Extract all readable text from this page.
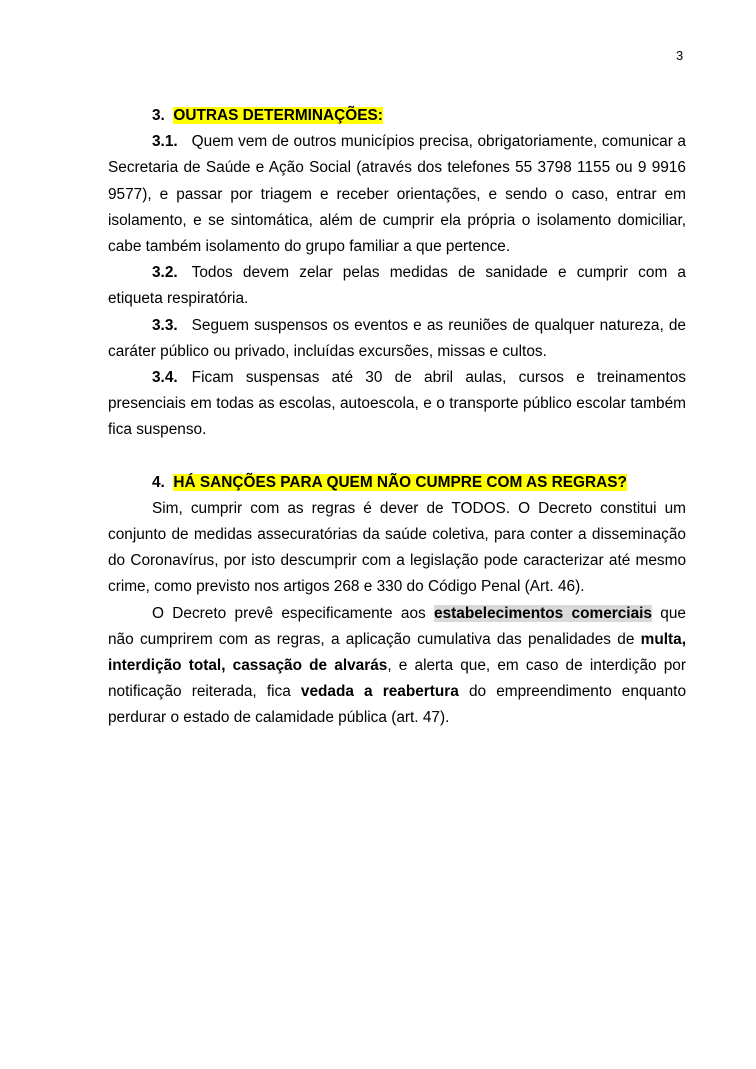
3

3. OUTRAS DETERMINAÇÕES:

3.1. Quem vem de outros municípios precisa, obrigatoriamente, comunicar a Secretaria de Saúde e Ação Social (através dos telefones 55 3798 1155 ou 9 9916 9577), e passar por triagem e receber orientações, e sendo o caso, entrar em isolamento, e se sintomática, além de cumprir ela própria o isolamento domiciliar, cabe também isolamento do grupo familiar a que pertence.

3.2. Todos devem zelar pelas medidas de sanidade e cumprir com a etiqueta respiratória.

3.3. Seguem suspensos os eventos e as reuniões de qualquer natureza, de caráter público ou privado, incluídas excursões, missas e cultos.

3.4. Ficam suspensas até 30 de abril aulas, cursos e treinamentos presenciais em todas as escolas, autoescola, e o transporte público escolar também fica suspenso.

4. HÁ SANÇÕES PARA QUEM NÃO CUMPRE COM AS REGRAS?

Sim, cumprir com as regras é dever de TODOS. O Decreto constitui um conjunto de medidas assecuratórias da saúde coletiva, para conter a disseminação do Coronavírus, por isto descumprir com a legislação pode caracterizar até mesmo crime, como previsto nos artigos 268 e 330 do Código Penal (Art. 46).

O Decreto prevê especificamente aos estabelecimentos comerciais que não cumprirem com as regras, a aplicação cumulativa das penalidades de multa, interdição total, cassação de alvarás, e alerta que, em caso de interdição por notificação reiterada, fica vedada a reabertura do empreendimento enquanto perdurar o estado de calamidade pública (art. 47).
